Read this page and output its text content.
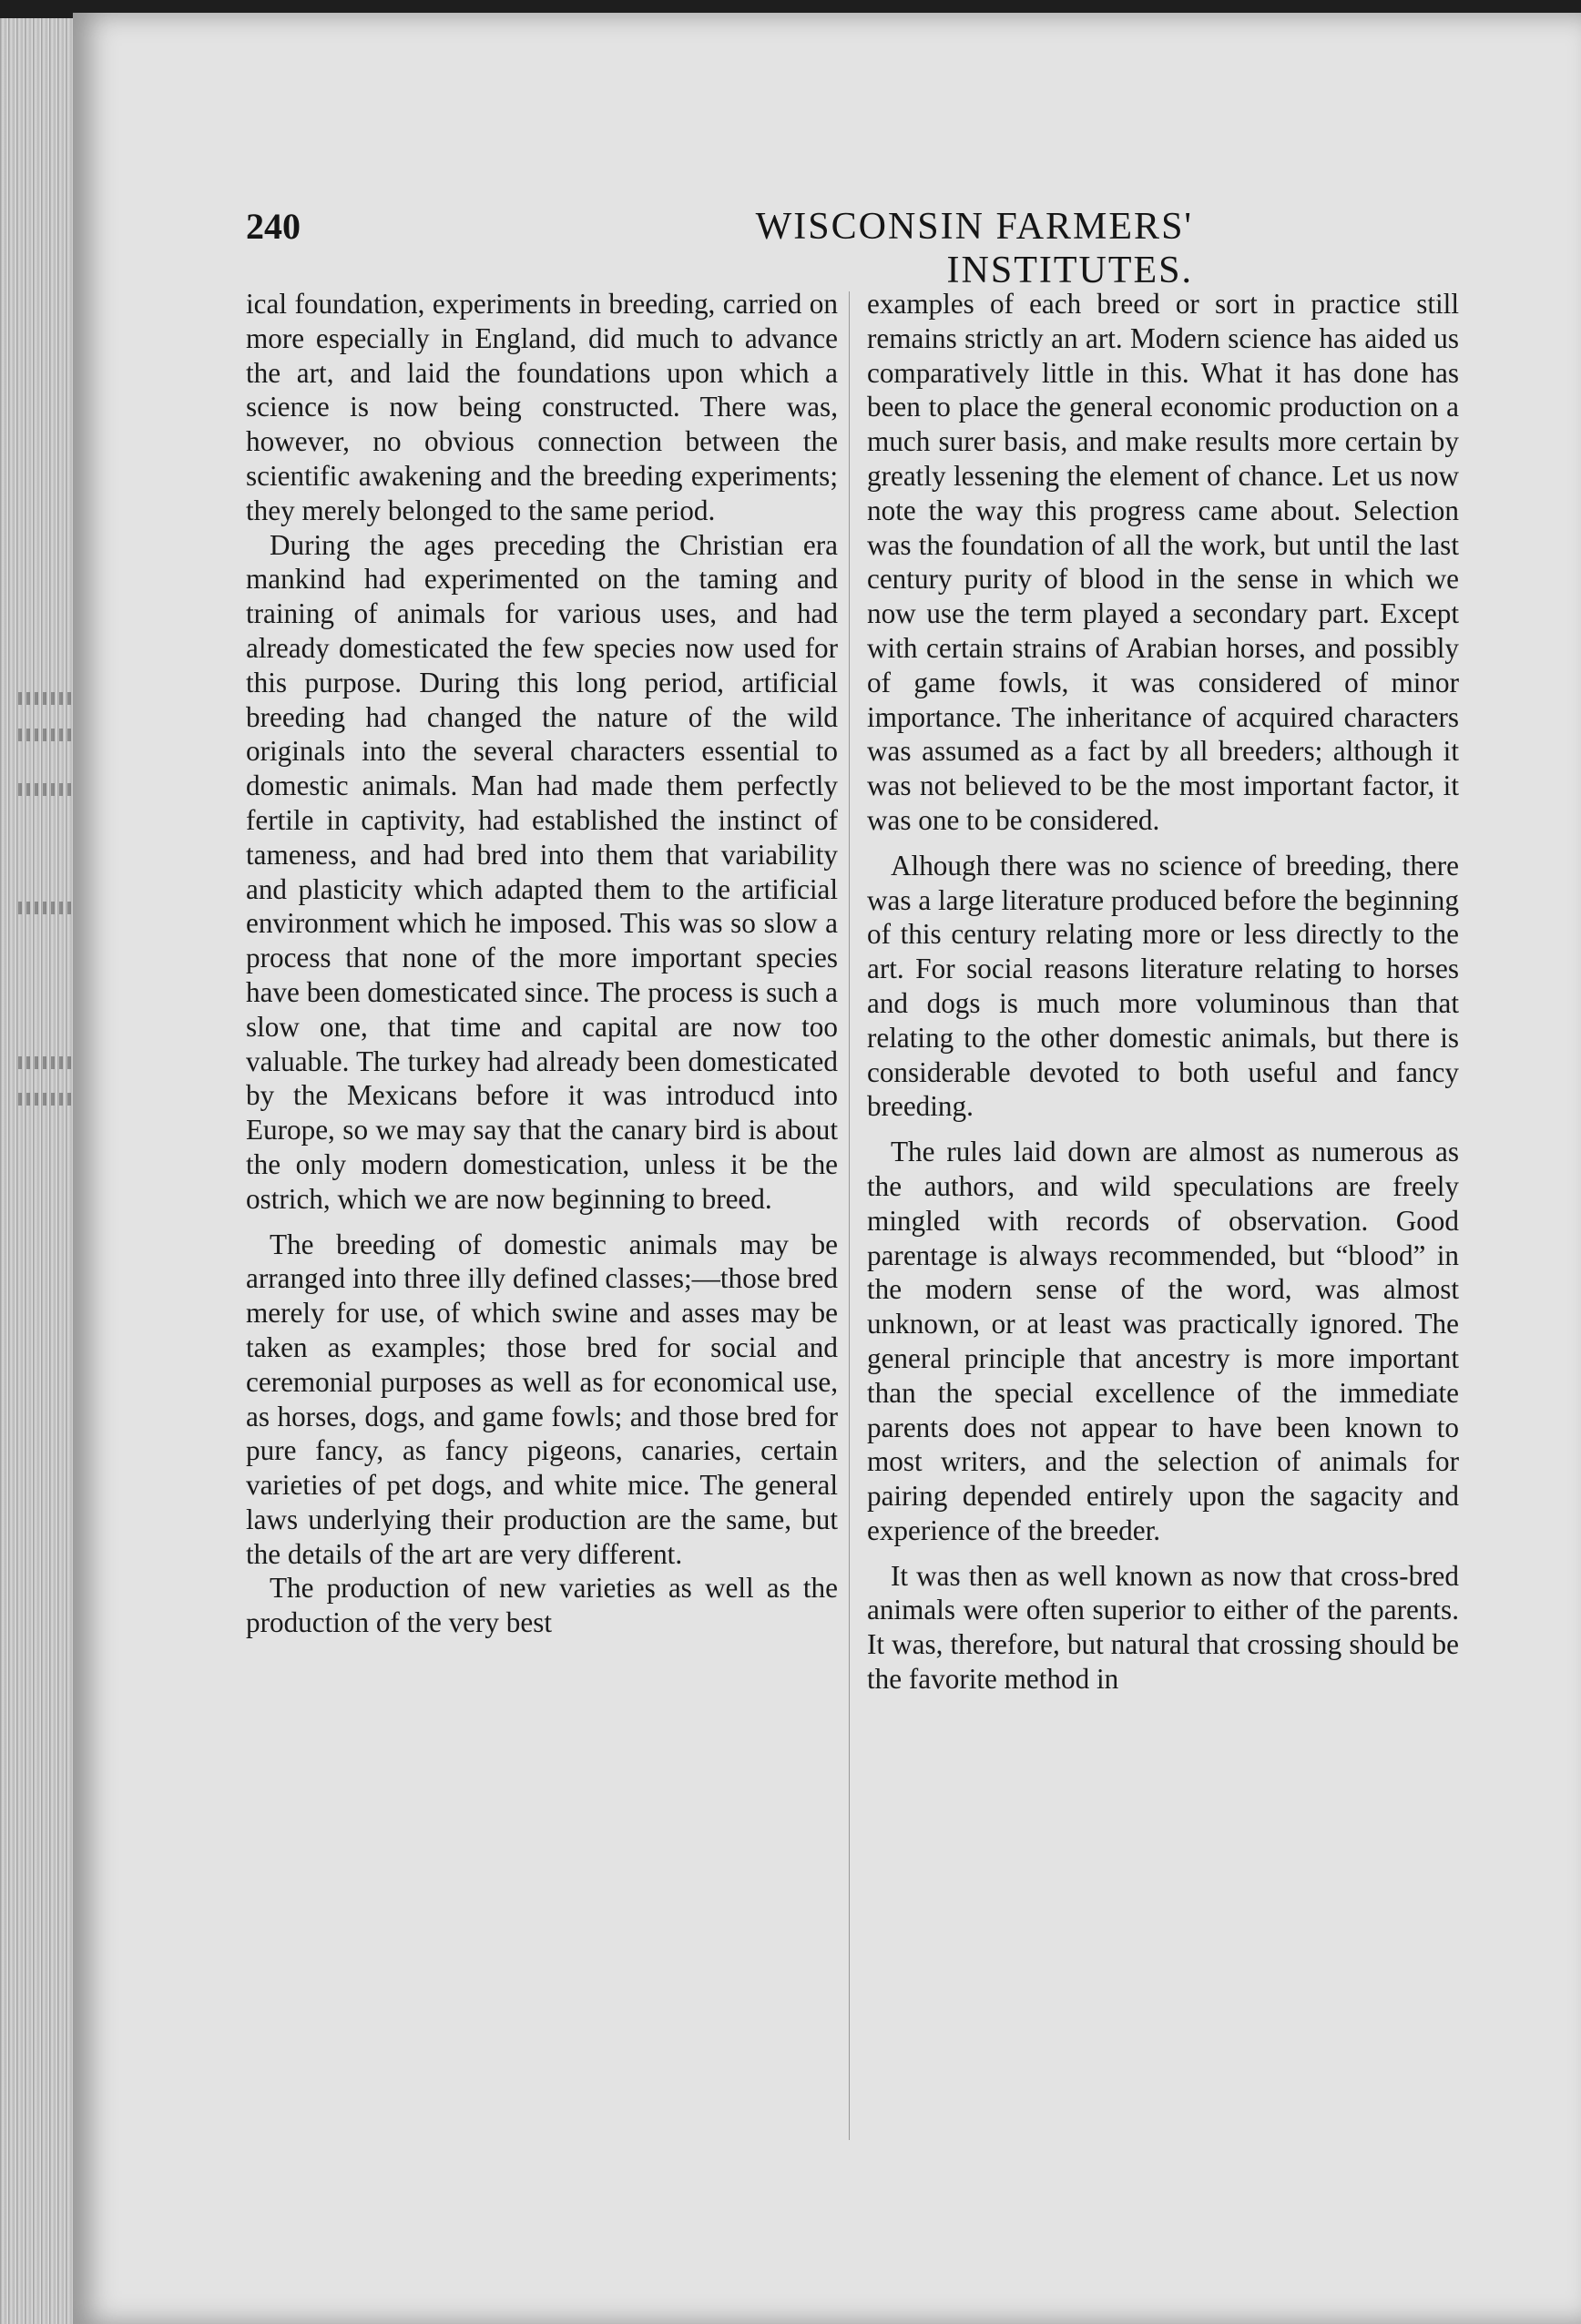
240	WISCONSIN FARMERS' INSTITUTES.

ical foundation, experiments in breeding, carried on more especially in England, did much to advance the art, and laid the foundations upon which a science is now being constructed. There was, however, no obvious connection between the scientific awakening and the breeding experiments; they merely belonged to the same period.

During the ages preceding the Christian era mankind had experimented on the taming and training of animals for various uses, and had already domesticated the few species now used for this purpose. During this long period, artificial breeding had changed the nature of the wild originals into the several characters essential to domestic animals. Man had made them perfectly fertile in captivity, had established the instinct of tameness, and had bred into them that variability and plasticity which adapted them to the artificial environment which he imposed. This was so slow a process that none of the more important species have been domesticated since. The process is such a slow one, that time and capital are now too valuable. The turkey had already been domesticated by the Mexicans before it was introducd into Europe, so we may say that the canary bird is about the only modern domestication, unless it be the ostrich, which we are now beginning to breed.

The breeding of domestic animals may be arranged into three illy defined classes;—those bred merely for use, of which swine and asses may be taken as examples; those bred for social and ceremonial purposes as well as for economical use, as horses, dogs, and game fowls; and those bred for pure fancy, as fancy pigeons, canaries, certain varieties of pet dogs, and white mice. The general laws underlying their production are the same, but the details of the art are very different.

The production of new varieties as well as the production of the very best

examples of each breed or sort in practice still remains strictly an art. Modern science has aided us comparatively little in this. What it has done has been to place the general economic production on a much surer basis, and make results more certain by greatly lessening the element of chance. Let us now note the way this progress came about. Selection was the foundation of all the work, but until the last century purity of blood in the sense in which we now use the term played a secondary part. Except with certain strains of Arabian horses, and possibly of game fowls, it was considered of minor importance. The inheritance of acquired characters was assumed as a fact by all breeders; although it was not believed to be the most important factor, it was one to be considered.

Alhough there was no science of breeding, there was a large literature produced before the beginning of this century relating more or less directly to the art. For social reasons literature relating to horses and dogs is much more voluminous than that relating to the other domestic animals, but there is considerable devoted to both useful and fancy breeding.

The rules laid down are almost as numerous as the authors, and wild speculations are freely mingled with records of observation. Good parentage is always recommended, but “blood” in the modern sense of the word, was almost unknown, or at least was practically ignored. The general principle that ancestry is more important than the special excellence of the immediate parents does not appear to have been known to most writers, and the selection of animals for pairing depended entirely upon the sagacity and experience of the breeder.

It was then as well known as now that cross-bred animals were often superior to either of the parents. It was, therefore, but natural that crossing should be the favorite method in
